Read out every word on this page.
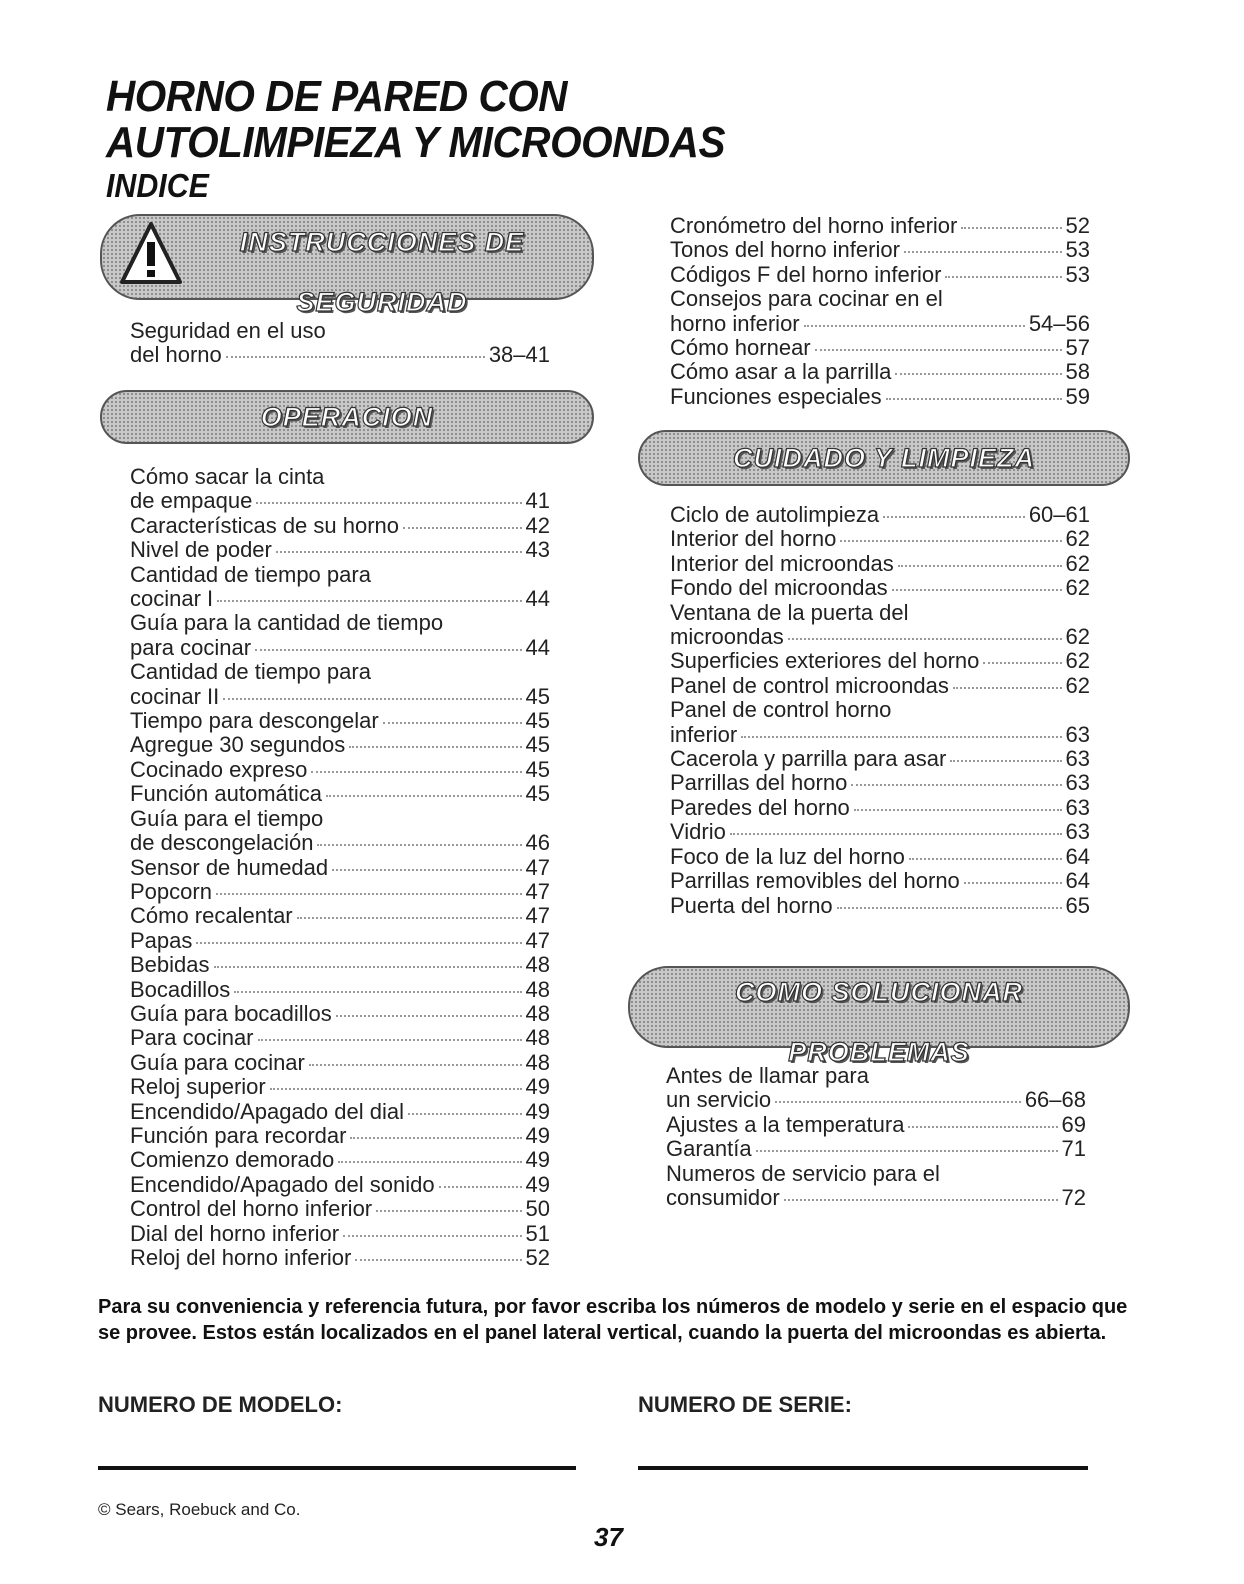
HORNO DE PARED CON
AUTOLIMPIEZA Y MICROONDAS
INDICE

INSTRUCCIONES DE

SEGURIDAD

Seguridad en el uso
del horno	38–41
OPERACION
Cómo sacar la cinta
de empaque	41
Características de su horno	42
Nivel de poder	43
Cantidad de tiempo para
cocinar I	44
Guía para la cantidad de tiempo
para cocinar	44
Cantidad de tiempo para
cocinar II	45
Tiempo para descongelar	45
Agregue 30 segundos	45
Cocinado expreso	45
Función automática	45
Guía para el tiempo
de descongelación	46
Sensor de humedad	47
Popcorn	47
Cómo recalentar	47
Papas	47
Bebidas	48
Bocadillos	48
Guía para bocadillos	48
Para cocinar	48
Guía para cocinar	48
Reloj superior	49
Encendido/Apagado del dial	49
Función para recordar	49
Comienzo demorado	49
Encendido/Apagado del sonido	49
Control del horno inferior	50
Dial del horno inferior	51
Reloj del horno inferior	52
Cronómetro del horno inferior	52
Tonos del horno inferior	53
Códigos F del horno inferior	53
Consejos para cocinar en el
horno inferior	54–56
Cómo hornear	57
Cómo asar a la parrilla	58
Funciones especiales	59
CUIDADO Y LIMPIEZA
Ciclo de autolimpieza	60–61
Interior del horno	62
Interior del microondas	62
Fondo del microondas	62
Ventana de la puerta del
microondas	62
Superficies exteriores del horno	62
Panel de control microondas	62
Panel de control horno
inferior	63
Cacerola y parrilla para asar	63
Parrillas del horno	63
Paredes del horno	63
Vidrio	63
Foco de la luz del horno	64
Parrillas removibles del horno	64
Puerta del horno	65

COMO SOLUCIONAR

PROBLEMAS

Antes de llamar para
un servicio	66–68
Ajustes a la temperatura	69
Garantía	71
Numeros de servicio para el
consumidor	72

Para su conveniencia y referencia futura, por favor escriba los números de modelo y serie en el espacio que se provee. Estos están localizados en el panel lateral vertical, cuando la puerta del microondas es abierta.

NUMERO DE MODELO:	NUMERO DE SERIE:

© Sears, Roebuck and Co.
37
